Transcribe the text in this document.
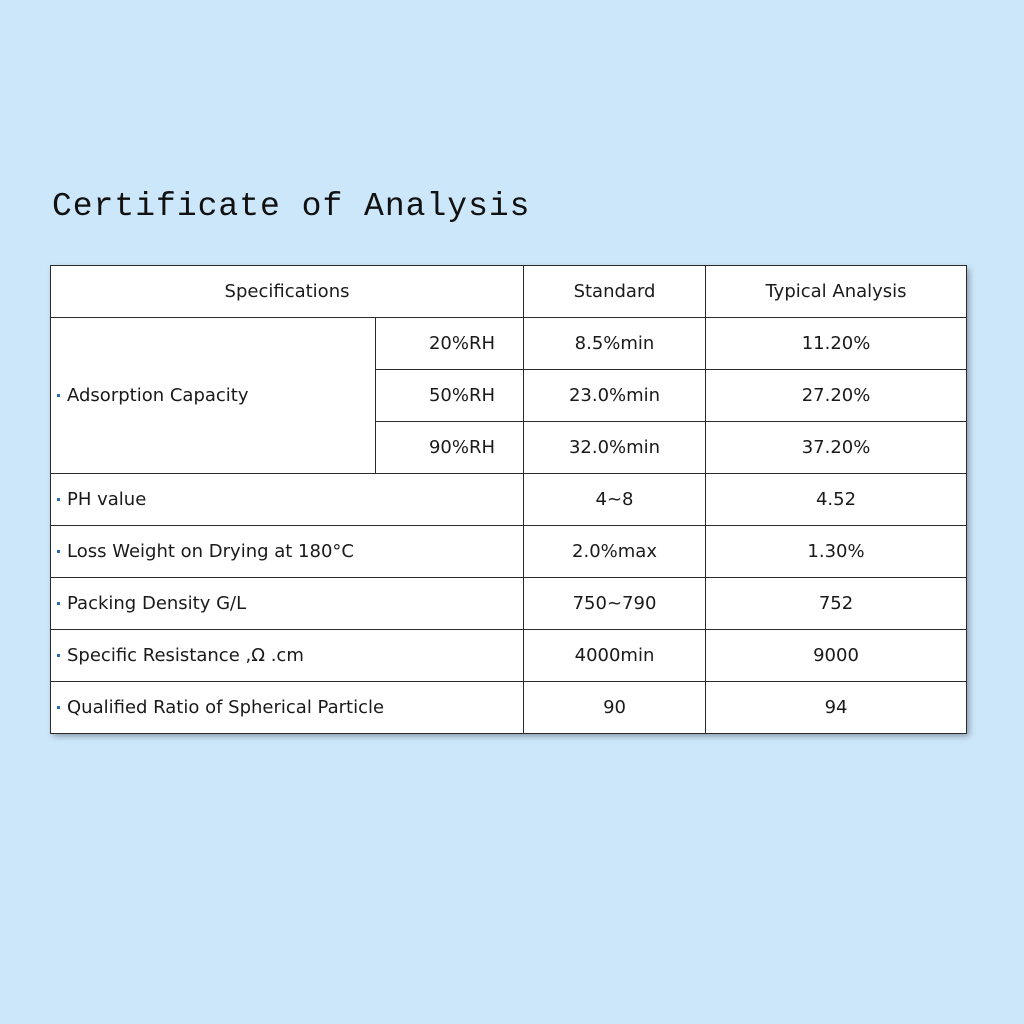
Certificate of Analysis
Specifications		Standard	Typical Analysis
Adsorption Capacity	20%RH	8.5%min	11.20%
	50%RH	23.0%min	27.20%
	90%RH	32.0%min	37.20%
PH value		4~8	4.52
Loss Weight on Drying at 180°C		2.0%max	1.30%
Packing Density G/L		750~790	752
Specific Resistance ,Ω .cm		4000min	9000
Qualified Ratio of Spherical Particle		90	94
